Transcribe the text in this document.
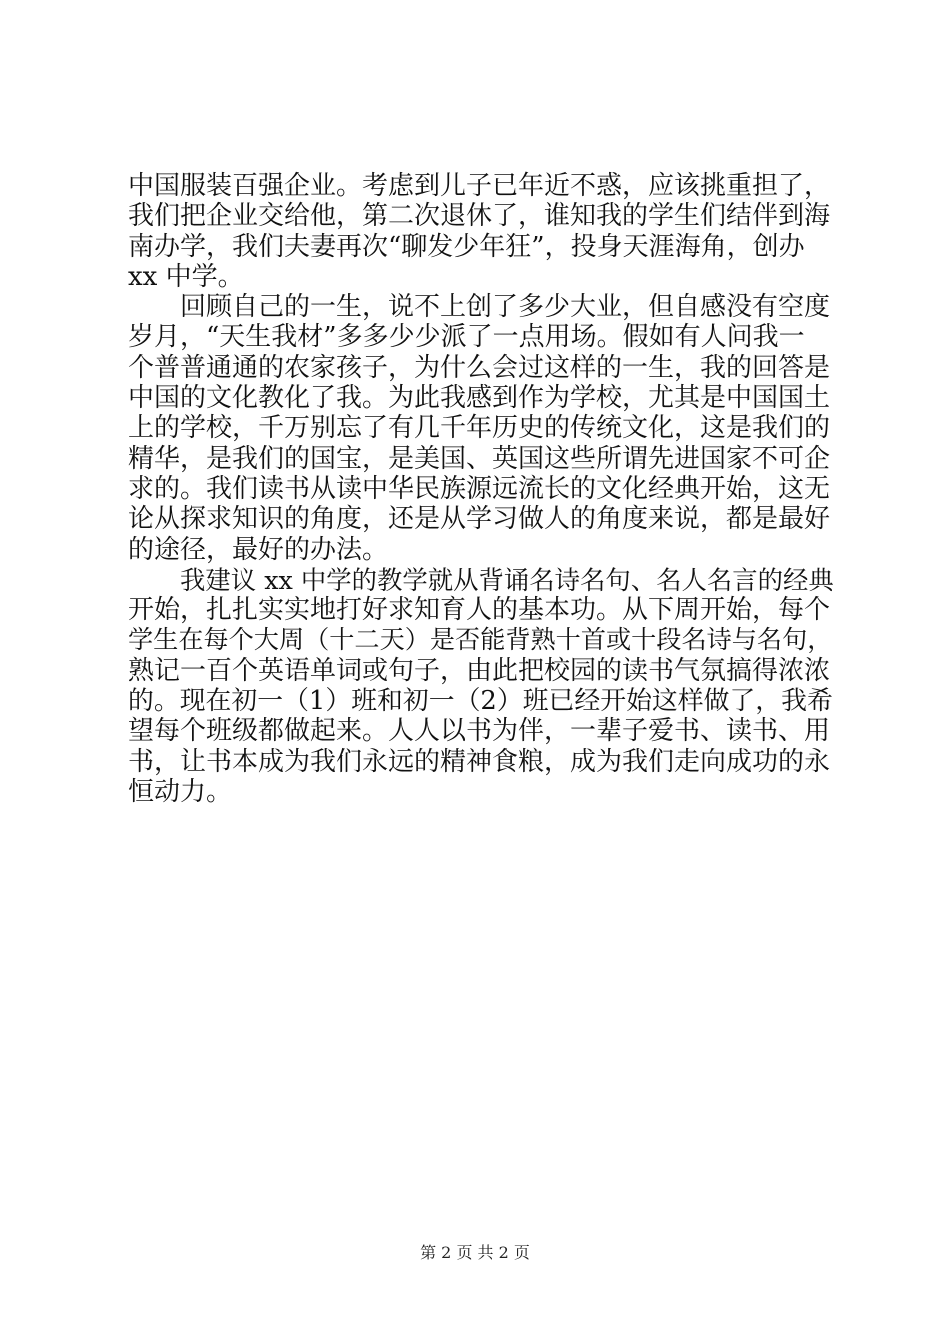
中国服装百强企业。考虑到儿子已年近不惑，应该挑重担了，
我们把企业交给他，第二次退休了，谁知我的学生们结伴到海
南办学，我们夫妻再次“聊发少年狂”，投身天涯海角，创办
xx 中学。
回顾自己的一生，说不上创了多少大业，但自感没有空度
岁月，“天生我材”多多少少派了一点用场。假如有人问我一
个普普通通的农家孩子，为什么会过这样的一生，我的回答是
中国的文化教化了我。为此我感到作为学校，尤其是中国国土
上的学校，千万别忘了有几千年历史的传统文化，这是我们的
精华，是我们的国宝，是美国、英国这些所谓先进国家不可企
求的。我们读书从读中华民族源远流长的文化经典开始，这无
论从探求知识的角度，还是从学习做人的角度来说，都是最好
的途径，最好的办法。
我建议 xx 中学的教学就从背诵名诗名句、名人名言的经典
开始，扎扎实实地打好求知育人的基本功。从下周开始，每个
学生在每个大周（十二天）是否能背熟十首或十段名诗与名句，
熟记一百个英语单词或句子，由此把校园的读书气氛搞得浓浓
的。现在初一（1）班和初一（2）班已经开始这样做了，我希
望每个班级都做起来。人人以书为伴，一辈子爱书、读书、用
书，让书本成为我们永远的精神食粮，成为我们走向成功的永
恒动力。
第 2 页 共 2 页
